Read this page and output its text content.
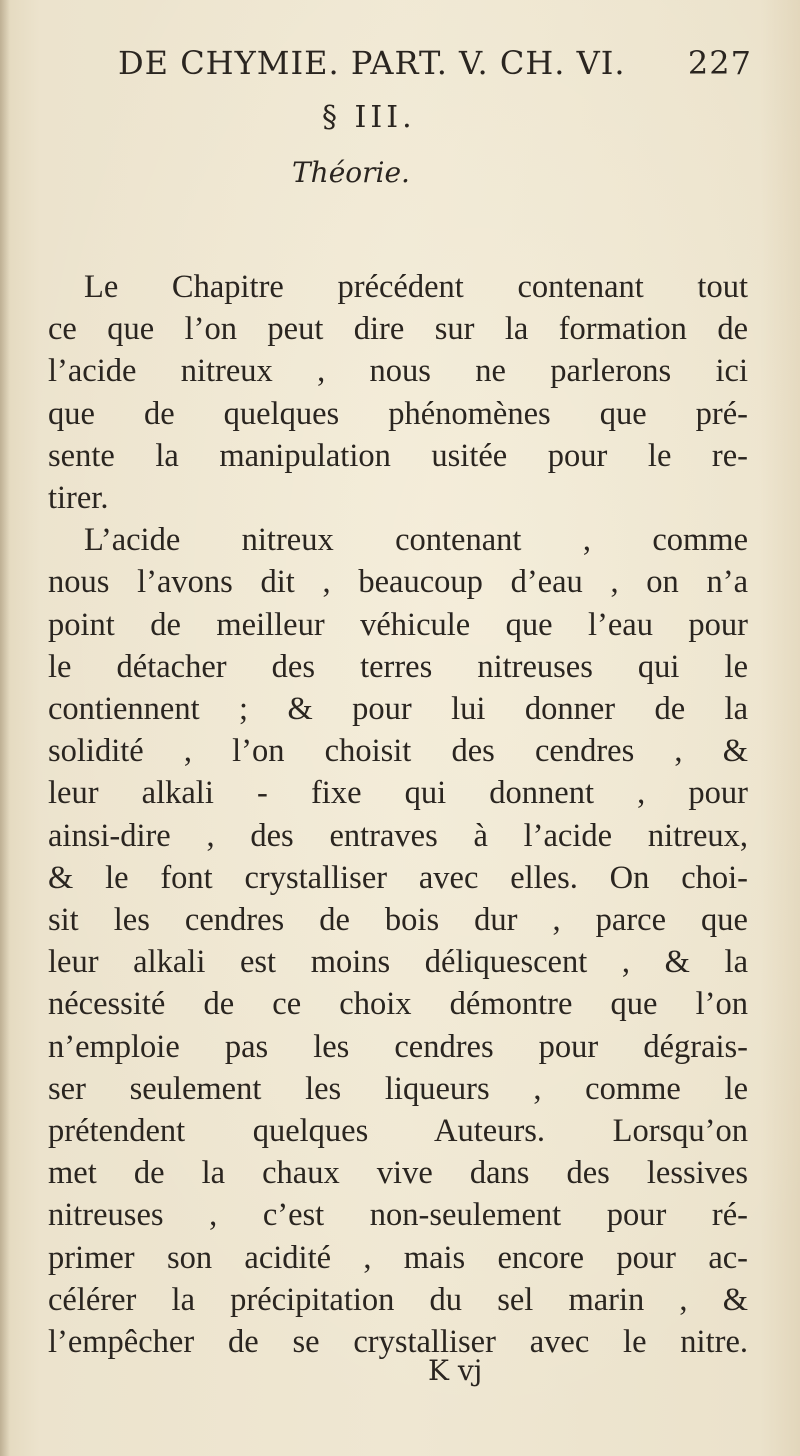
DE CHYMIE. PART. V. CH. VI. 227
§ III.
Théorie.
Le Chapitre précédent contenant tout
ce que l’on peut dire sur la formation de
l’acide nitreux , nous ne parlerons ici
que de quelques phénomènes que pré-
sente la manipulation usitée pour le re-
tirer.
L’acide nitreux contenant , comme
nous l’avons dit , beaucoup d’eau , on n’a
point de meilleur véhicule que l’eau pour
le détacher des terres nitreuses qui le
contiennent ; & pour lui donner de la
solidité , l’on choisit des cendres , &
leur alkali - fixe qui donnent , pour
ainsi-dire , des entraves à l’acide nitreux,
& le font crystalliser avec elles. On choi-
sit les cendres de bois dur , parce que
leur alkali est moins déliquescent , & la
nécessité de ce choix démontre que l’on
n’emploie pas les cendres pour dégrais-
ser seulement les liqueurs , comme le
prétendent quelques Auteurs. Lorsqu’on
met de la chaux vive dans des lessives
nitreuses , c’est non-seulement pour ré-
primer son acidité , mais encore pour ac-
célérer la précipitation du sel marin , &
l’empêcher de se crystalliser avec le nitre.
K vj
